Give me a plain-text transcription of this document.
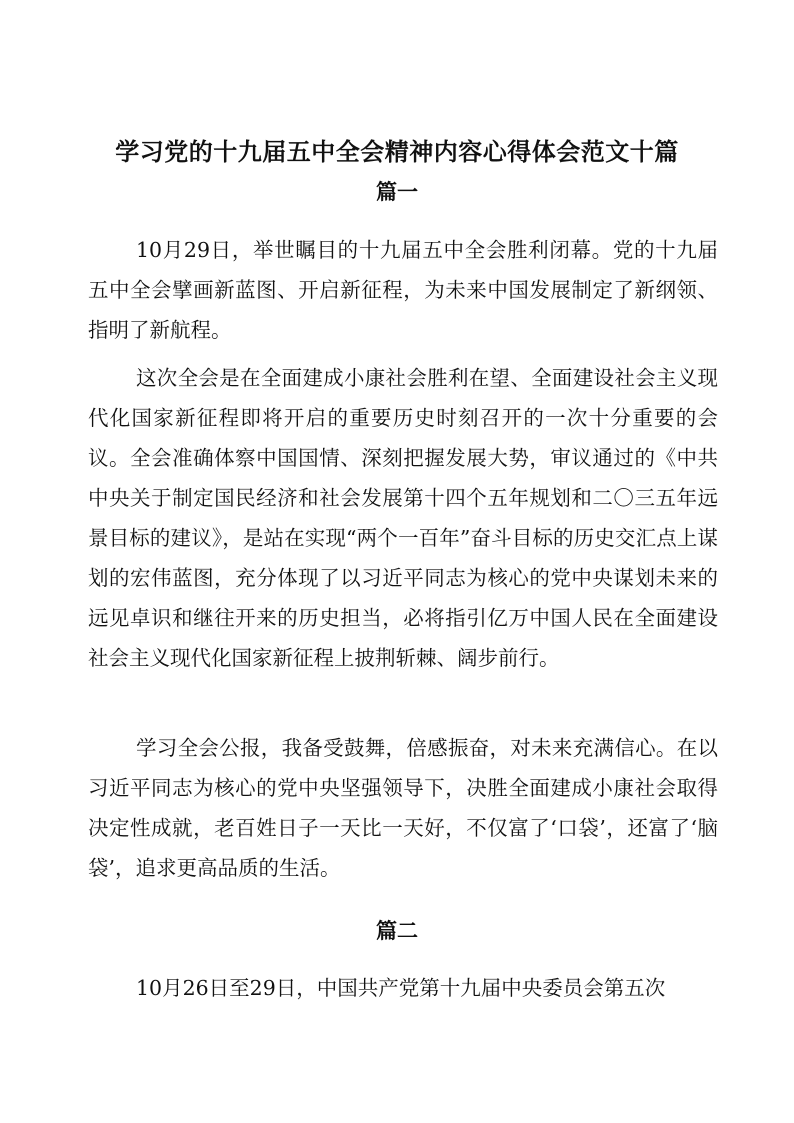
学习党的十九届五中全会精神内容心得体会范文十篇
篇一

10月29日，举世瞩目的十九届五中全会胜利闭幕。党的十九届五中全会擘画新蓝图、开启新征程，为未来中国发展制定了新纲领、指明了新航程。

这次全会是在全面建成小康社会胜利在望、全面建设社会主义现代化国家新征程即将开启的重要历史时刻召开的一次十分重要的会议。全会准确体察中国国情、深刻把握发展大势，审议通过的《中共中央关于制定国民经济和社会发展第十四个五年规划和二〇三五年远景目标的建议》，是站在实现“两个一百年”奋斗目标的历史交汇点上谋划的宏伟蓝图，充分体现了以习近平同志为核心的党中央谋划未来的远见卓识和继往开来的历史担当，必将指引亿万中国人民在全面建设社会主义现代化国家新征程上披荆斩棘、阔步前行。

学习全会公报，我备受鼓舞，倍感振奋，对未来充满信心。在以习近平同志为核心的党中央坚强领导下，决胜全面建成小康社会取得决定性成就，老百姓日子一天比一天好，不仅富了‘口袋’，还富了‘脑袋’，追求更高品质的生活。

篇二

10月26日至29日，中国共产党第十九届中央委员会第五次
